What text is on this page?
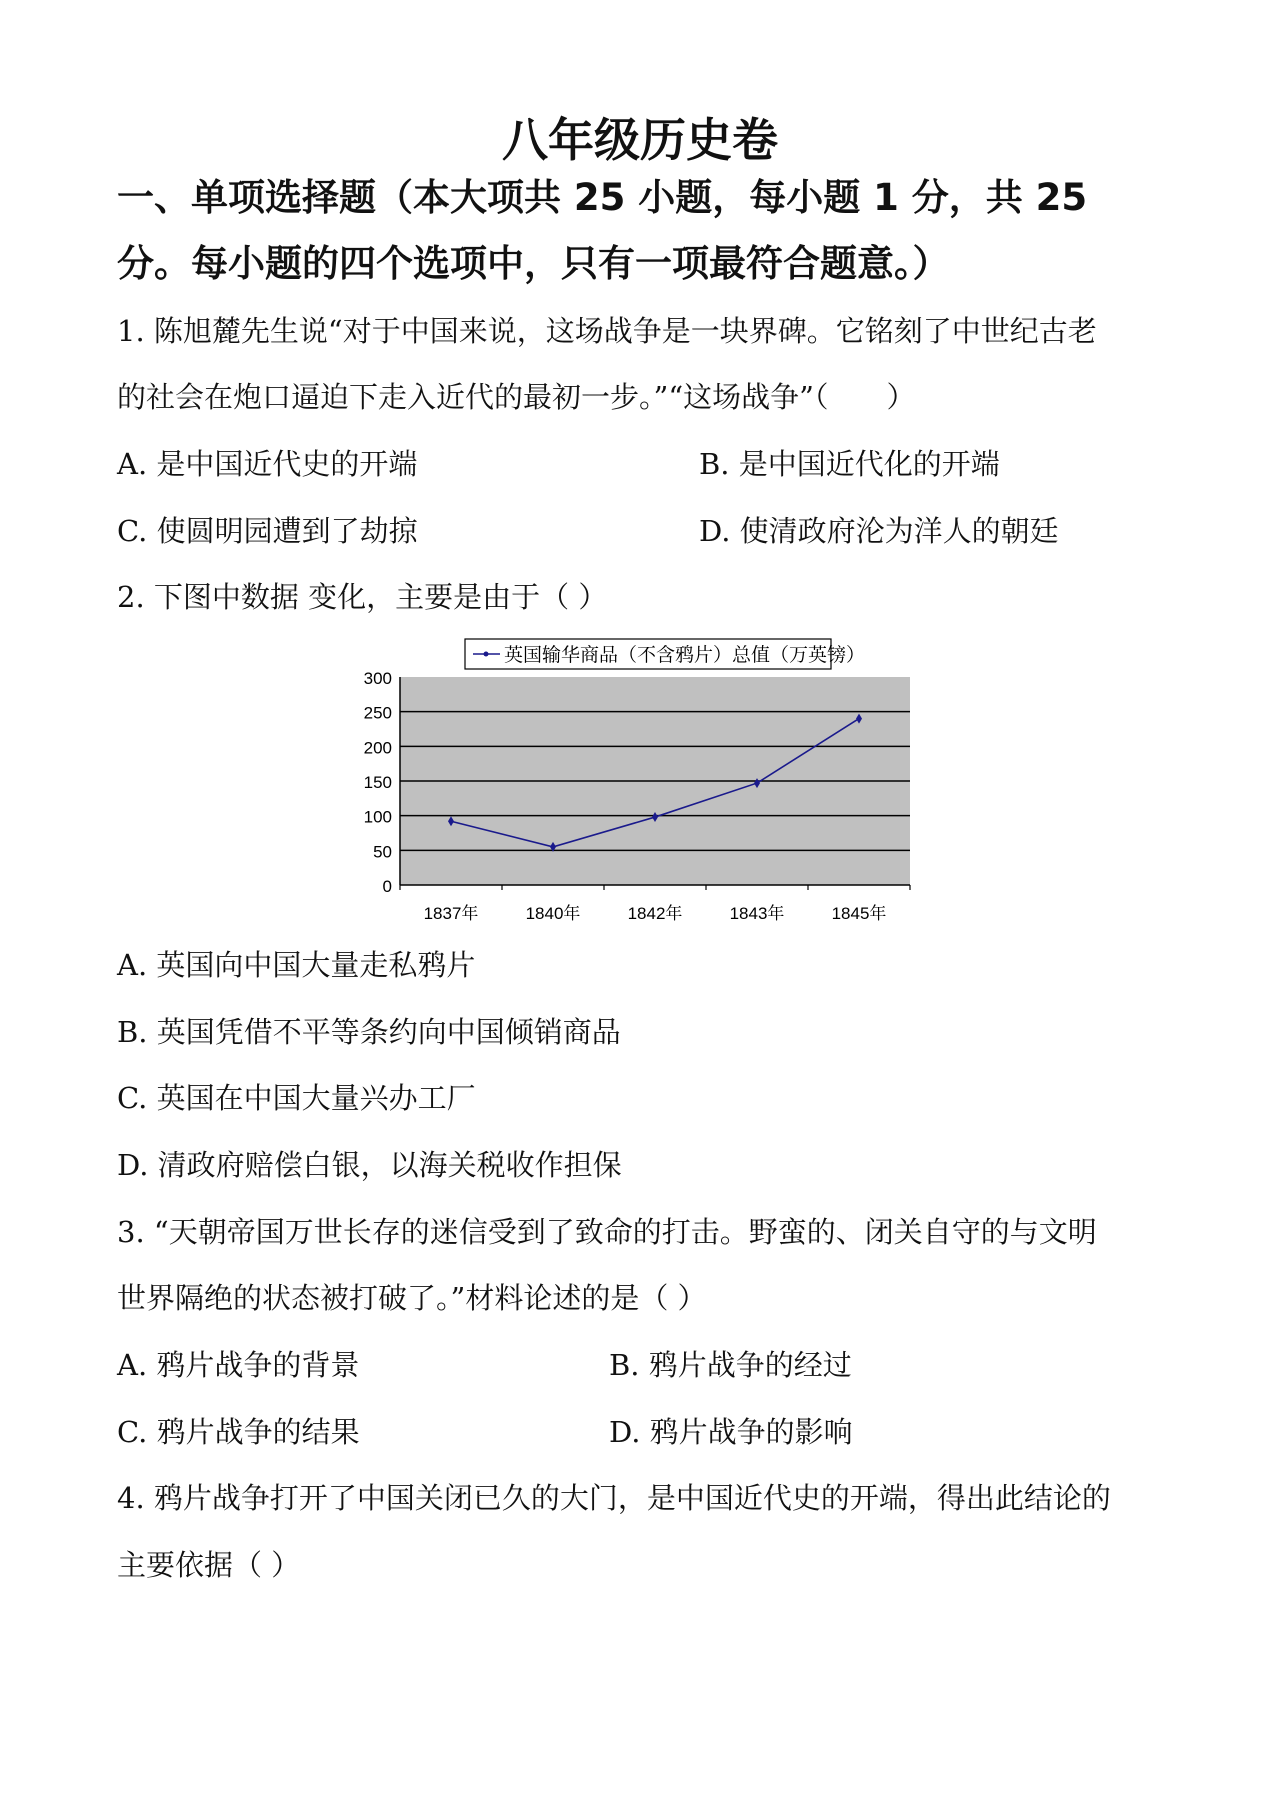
八年级历史卷
一、单项选择题（本大项共 25 小题，每小题 1 分，共 25
分。每小题的四个选项中，只有一项最符合题意。）
1. 陈旭麓先生说“对于中国来说，这场战争是一块界碑。它铭刻了中世纪古老
的社会在炮口逼迫下走入近代的最初一步。”“这场战争”（　　）
A. 是中国近代史的开端	B. 是中国近代化的开端
C. 使圆明园遭到了劫掠	D. 使清政府沦为洋人的朝廷
2. 下图中数据 变化，主要是由于（ ）
0
50
100
150
200
250
300
1837年	1840年	1842年	1843年	1845年
英国输华商品（不含鸦片）总值（万英镑）
A. 英国向中国大量走私鸦片
B. 英国凭借不平等条约向中国倾销商品
C. 英国在中国大量兴办工厂
D. 清政府赔偿白银，以海关税收作担保
3. “天朝帝国万世长存的迷信受到了致命的打击。野蛮的、闭关自守的与文明
世界隔绝的状态被打破了。”材料论述的是（ ）
A. 鸦片战争的背景	B. 鸦片战争的经过
C. 鸦片战争的结果	D. 鸦片战争的影响
4. 鸦片战争打开了中国关闭已久的大门，是中国近代史的开端，得出此结论的
主要依据（ ）
